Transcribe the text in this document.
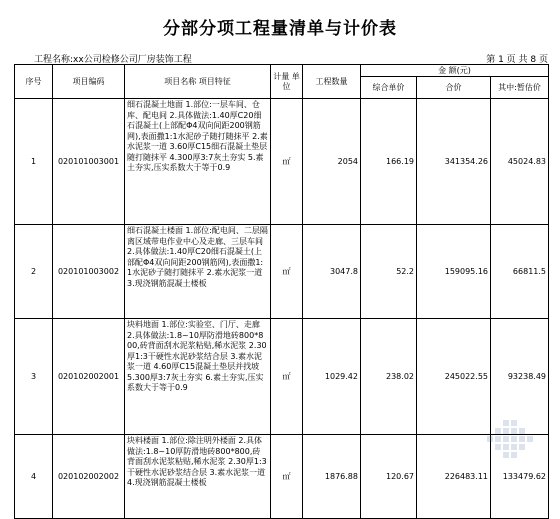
分部分项工程量清单与计价表
工程名称:xx公司检修公司厂房装饰工程	第 1 页 共 8 页
序号	项目编码	项目名称 项目特征	计量 单位	工程数量	金 额(元)		
					综合单价	合价	其中:暂估价
1	020101003001	细石混凝土地面 1.部位:一层车间、仓库、配电间 2.具体做法:1.40厚C20细石混凝土(上部配Φ4双向间距200钢筋网),表面撒1:1水泥砂子随打随抹平 2.素水泥浆一道 3.60厚C15细石混凝土垫层随打随抹平 4.300厚3:7灰土夯实 5.素土夯实,压实系数大于等于0.9	㎡	2054	166.19	341354.26	45024.83
2	020101003002	细石混凝土楼面 1.部位:配电间、二层隔离区域带电作业中心及走廊、三层车间 2.具体做法:1.40厚C20细石混凝土(上部配Φ4双向间距200钢筋网),表面撒1:1水泥砂子随打随抹平 2.素水泥浆一道 3.现浇钢筋混凝土楼板	㎡	3047.8	52.2	159095.16	66811.5
3	020102002001	块料地面 1.部位:实验室、门厅、走廊 2.具体做法:1.8~10厚防滑地砖800*800,砖背面刮水泥浆粘贴,稀水泥浆 2.30厚1:3干硬性水泥砂浆结合层 3.素水泥浆一道 4.60厚C15混凝土垫层并找坡 5.300厚3:7灰土夯实 6.素土夯实,压实系数大于等于0.9	㎡	1029.42	238.02	245022.55	93238.49
4	020102002002	块料楼面 1.部位:除注明外楼面 2.具体做法:1.8~10厚防滑地砖800*800,砖背面刮水泥浆粘贴,稀水泥浆 2.30厚1:3干硬性水泥砂浆结合层 3.素水泥浆一道 4.现浇钢筋混凝土楼板	㎡	1876.88	120.67	226483.11	133479.62
